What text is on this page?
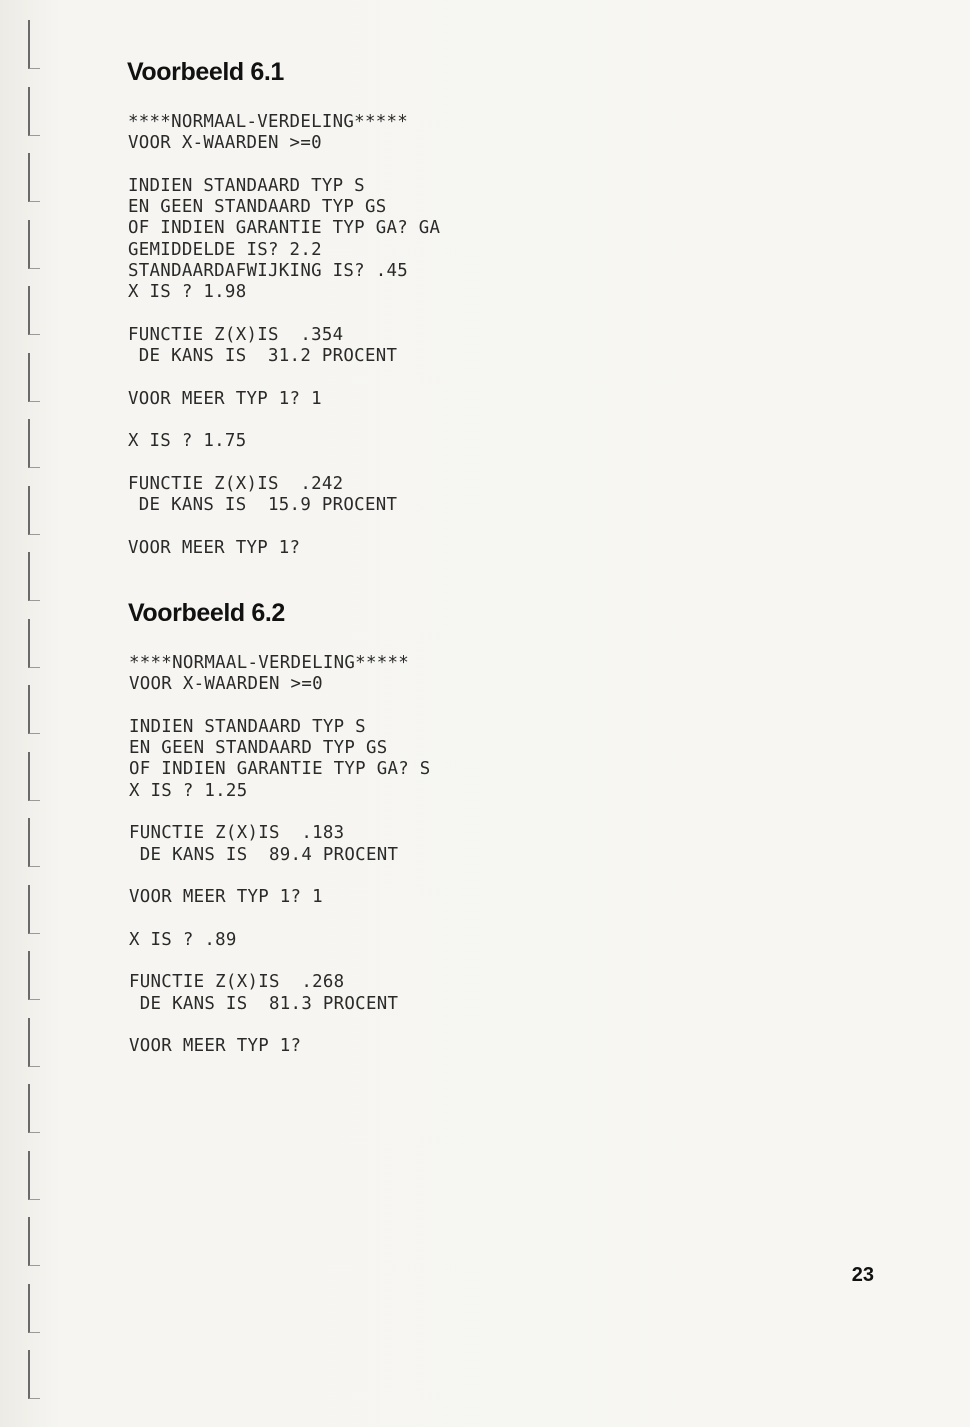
Voorbeeld 6.1
****NORMAAL-VERDELING*****
VOOR X-WAARDEN >=0
INDIEN STANDAARD TYP S
EN GEEN STANDAARD TYP GS
OF INDIEN GARANTIE TYP GA? GA
GEMIDDELDE IS? 2.2
STANDAARDAFWIJKING IS? .45
X IS ? 1.98
FUNCTIE Z(X)IS  .354
DE KANS IS  31.2 PROCENT
VOOR MEER TYP 1? 1
X IS ? 1.75
FUNCTIE Z(X)IS  .242
DE KANS IS  15.9 PROCENT
VOOR MEER TYP 1?
Voorbeeld 6.2
****NORMAAL-VERDELING*****
VOOR X-WAARDEN >=0
INDIEN STANDAARD TYP S
EN GEEN STANDAARD TYP GS
OF INDIEN GARANTIE TYP GA? S
X IS ? 1.25
FUNCTIE Z(X)IS  .183
DE KANS IS  89.4 PROCENT
VOOR MEER TYP 1? 1
X IS ? .89
FUNCTIE Z(X)IS  .268
DE KANS IS  81.3 PROCENT
VOOR MEER TYP 1?
23
